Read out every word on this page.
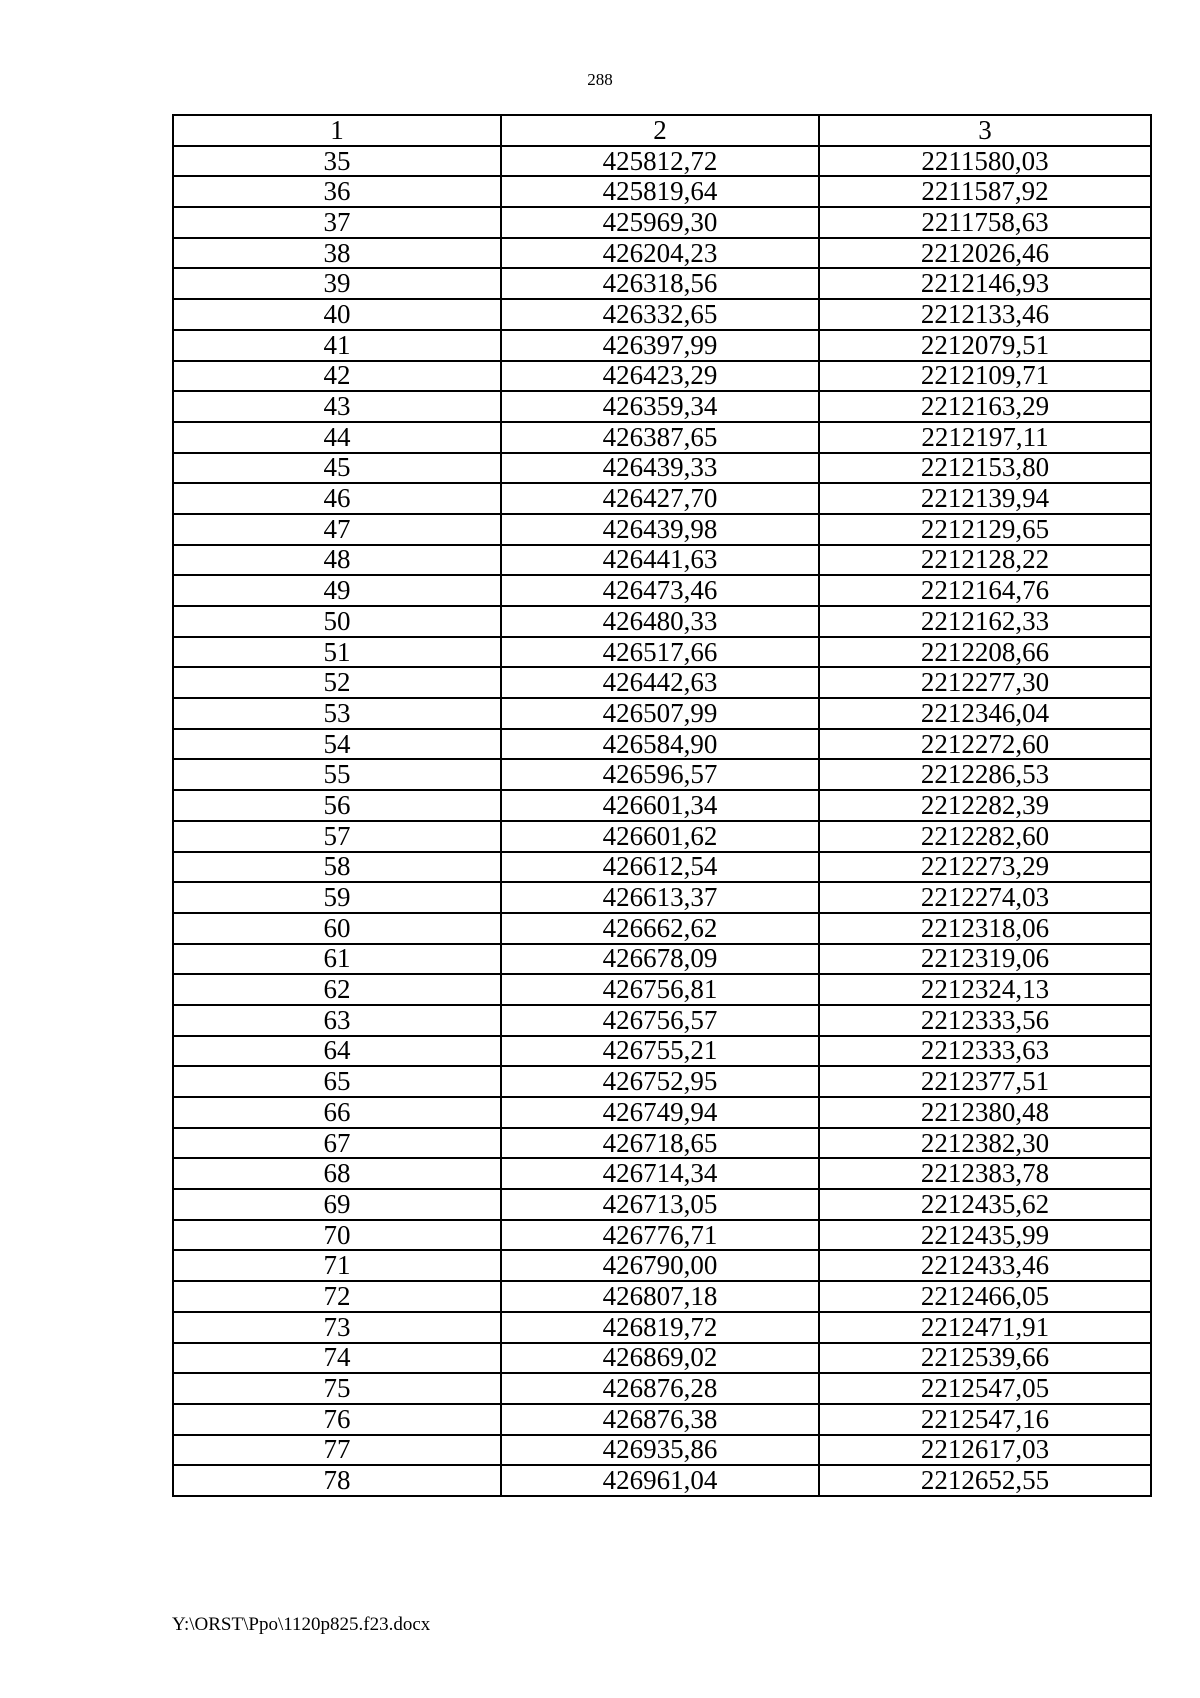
288
1	2	3
35	425812,72	2211580,03
36	425819,64	2211587,92
37	425969,30	2211758,63
38	426204,23	2212026,46
39	426318,56	2212146,93
40	426332,65	2212133,46
41	426397,99	2212079,51
42	426423,29	2212109,71
43	426359,34	2212163,29
44	426387,65	2212197,11
45	426439,33	2212153,80
46	426427,70	2212139,94
47	426439,98	2212129,65
48	426441,63	2212128,22
49	426473,46	2212164,76
50	426480,33	2212162,33
51	426517,66	2212208,66
52	426442,63	2212277,30
53	426507,99	2212346,04
54	426584,90	2212272,60
55	426596,57	2212286,53
56	426601,34	2212282,39
57	426601,62	2212282,60
58	426612,54	2212273,29
59	426613,37	2212274,03
60	426662,62	2212318,06
61	426678,09	2212319,06
62	426756,81	2212324,13
63	426756,57	2212333,56
64	426755,21	2212333,63
65	426752,95	2212377,51
66	426749,94	2212380,48
67	426718,65	2212382,30
68	426714,34	2212383,78
69	426713,05	2212435,62
70	426776,71	2212435,99
71	426790,00	2212433,46
72	426807,18	2212466,05
73	426819,72	2212471,91
74	426869,02	2212539,66
75	426876,28	2212547,05
76	426876,38	2212547,16
77	426935,86	2212617,03
78	426961,04	2212652,55
Y:\ORST\Ppo\1120p825.f23.docx
